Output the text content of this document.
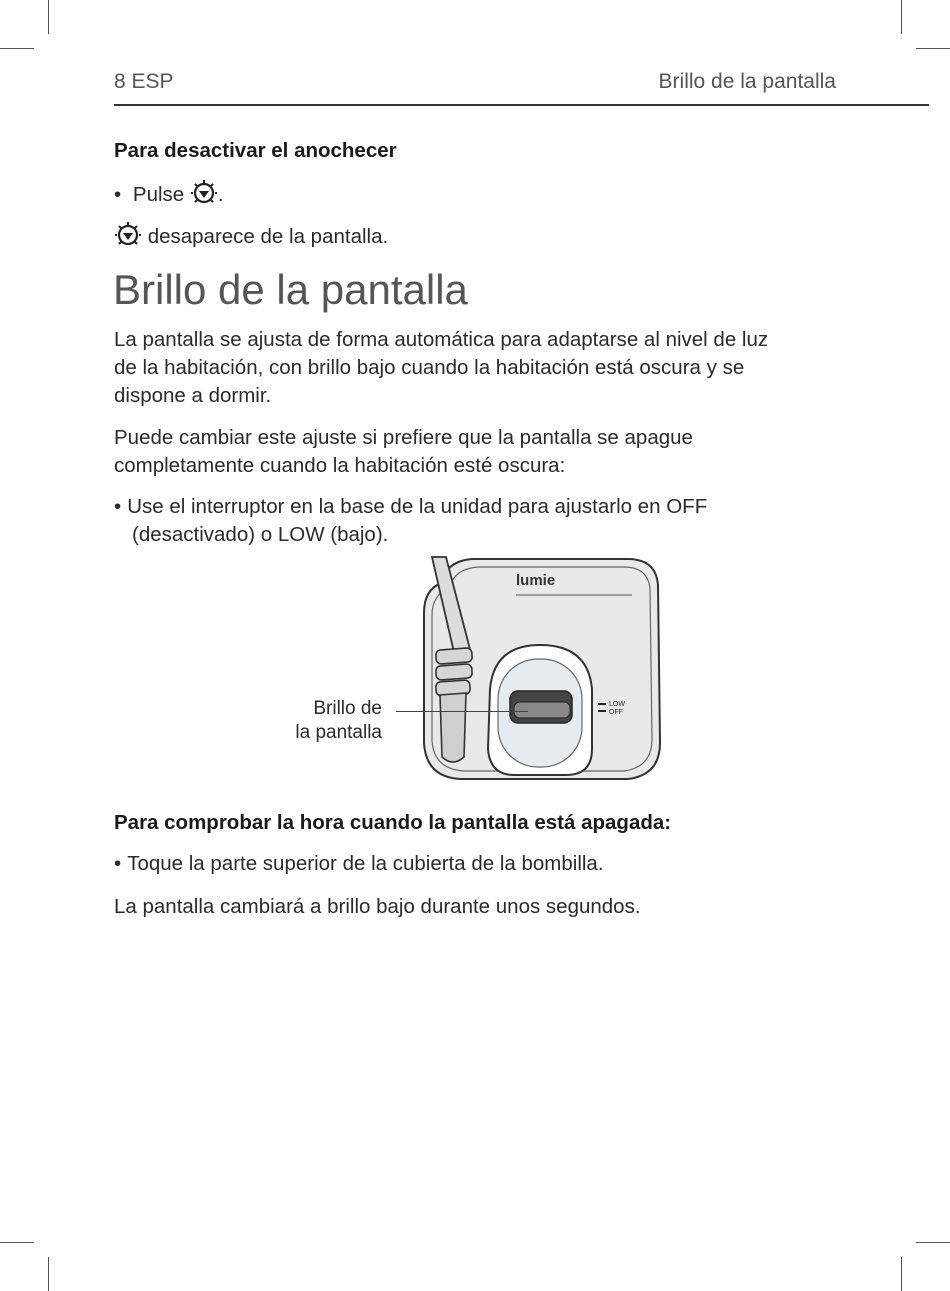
8 ESP	Brillo de la pantalla
Para desactivar el anochecer
• Pulse .
desaparece de la pantalla.
Brillo de la pantalla
La pantalla se ajusta de forma automática para adaptarse al nivel de luz
de la habitación, con brillo bajo cuando la habitación está oscura y se
dispone a dormir.
Puede cambiar este ajuste si prefiere que la pantalla se apague
completamente cuando la habitación esté oscura:
• Use el interruptor en la base de la unidad para ajustarlo en OFF
(desactivado) o LOW (bajo).
Brillo de
la pantalla
lumie
LOW
OFF
Para comprobar la hora cuando la pantalla está apagada:
• Toque la parte superior de la cubierta de la bombilla.
La pantalla cambiará a brillo bajo durante unos segundos.
